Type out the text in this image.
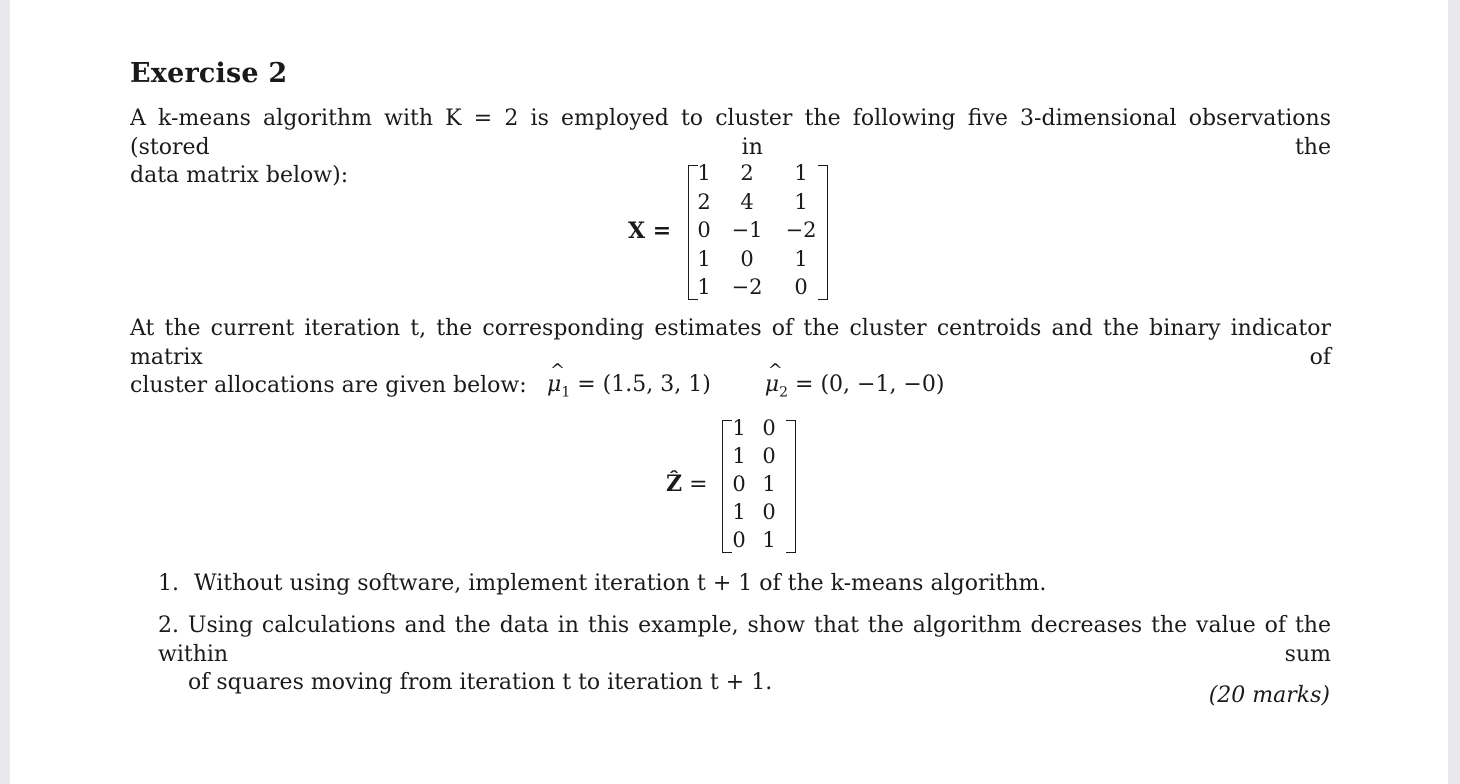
Exercise 2
A k-means algorithm with K = 2 is employed to cluster the following five 3-dimensional observations (stored in the
data matrix below):
X =
1	2	1
2	4	1
0 −1	−2
1	0	1
1 −2	0
At the current iteration t, the corresponding estimates of the cluster centroids and the binary indicator matrix of
cluster allocations are given below: ^ $\mu_1 = (1.5$, 3, 1) ^ $\mu_2 = (0$, −1, −0)
Ẑ =
1 0
1 0
0 1
1 0
0 1
1. Without using software, implement iteration t + 1 of the k-means algorithm.
2. Using calculations and the data in this example, show that the algorithm decreases the value of the within sum
of squares moving from iteration t to iteration t + 1.
(20 marks)
